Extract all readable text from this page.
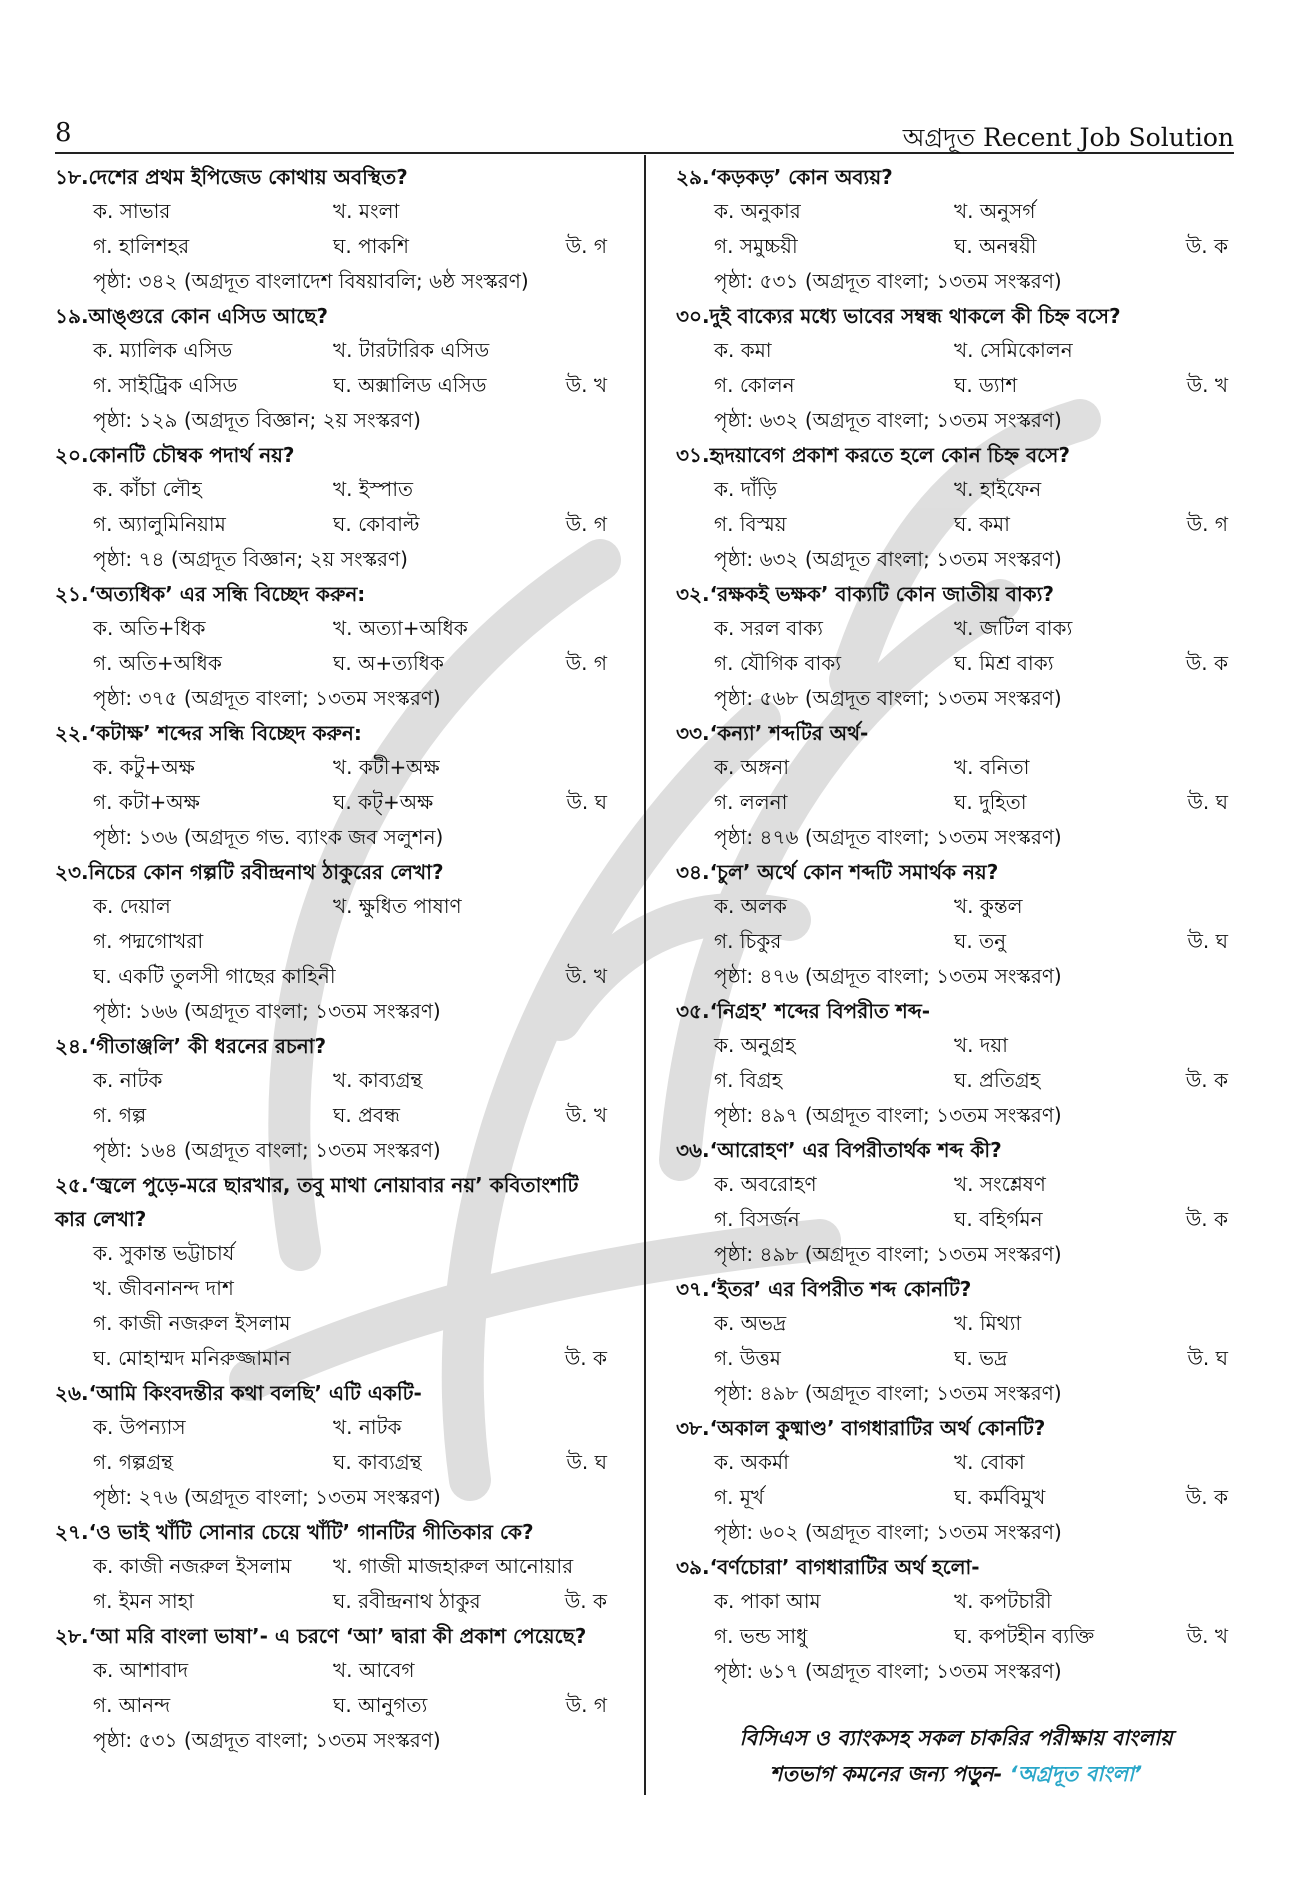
8	অগ্রদূত Recent Job Solution
১৮.দেশের প্রথম ইপিজেড কোথায় অবস্থিত?
ক. সাভার	খ. মংলা
গ. হালিশহর	ঘ. পাকশি	উ. গ
পৃষ্ঠা: ৩৪২ (অগ্রদূত বাংলাদেশ বিষয়াবলি; ৬ষ্ঠ সংস্করণ)
১৯.আঙ্গুরে কোন এসিড আছে?
ক. ম্যালিক এসিড	খ. টারটারিক এসিড
গ. সাইট্রিক এসিড	ঘ. অক্সালিড এসিড	উ. খ
পৃষ্ঠা: ১২৯ (অগ্রদূত বিজ্ঞান; ২য় সংস্করণ)
২০.কোনটি চৌম্বক পদার্থ নয়?
ক. কাঁচা লৌহ	খ. ইস্পাত
গ. অ্যালুমিনিয়াম	ঘ. কোবাল্ট	উ. গ
পৃষ্ঠা: ৭৪ (অগ্রদূত বিজ্ঞান; ২য় সংস্করণ)
২১.‘অত্যধিক’ এর সন্ধি বিচ্ছেদ করুন:
ক. অতি+ধিক	খ. অত্যা+অধিক
গ. অতি+অধিক	ঘ. অ+ত্যধিক	উ. গ
পৃষ্ঠা: ৩৭৫ (অগ্রদূত বাংলা; ১৩তম সংস্করণ)
২২.‘কটাক্ষ’ শব্দের সন্ধি বিচ্ছেদ করুন:
ক. কটু+অক্ষ	খ. কটী+অক্ষ
গ. কটা+অক্ষ	ঘ. কট্+অক্ষ	উ. ঘ
পৃষ্ঠা: ১৩৬ (অগ্রদূত গভ. ব্যাংক জব সলুশন)
২৩.নিচের কোন গল্পটি রবীন্দ্রনাথ ঠাকুরের লেখা?
ক. দেয়াল	খ. ক্ষুধিত পাষাণ
গ. পদ্মগোখরা
ঘ. একটি তুলসী গাছের কাহিনী	উ. খ
পৃষ্ঠা: ১৬৬ (অগ্রদূত বাংলা; ১৩তম সংস্করণ)
২৪.‘গীতাঞ্জলি’ কী ধরনের রচনা?
ক. নাটক	খ. কাব্যগ্রন্থ
গ. গল্প	ঘ. প্রবন্ধ	উ. খ
পৃষ্ঠা: ১৬৪ (অগ্রদূত বাংলা; ১৩তম সংস্করণ)
২৫.‘জ্বলে পুড়ে-মরে ছারখার, তবু মাথা নোয়াবার নয়’ কবিতাংশটি কার লেখা?
ক. সুকান্ত ভট্টাচার্য
খ. জীবনানন্দ দাশ
গ. কাজী নজরুল ইসলাম
ঘ. মোহাম্মদ মনিরুজ্জামান	উ. ক
২৬.‘আমি কিংবদন্তীর কথা বলছি’ এটি একটি-
ক. উপন্যাস	খ. নাটক
গ. গল্পগ্রন্থ	ঘ. কাব্যগ্রন্থ	উ. ঘ
পৃষ্ঠা: ২৭৬ (অগ্রদূত বাংলা; ১৩তম সংস্করণ)
২৭.‘ও ভাই খাঁটি সোনার চেয়ে খাঁটি’ গানটির গীতিকার কে?
ক. কাজী নজরুল ইসলাম খ. গাজী মাজহারুল আনোয়ার
গ. ইমন সাহা	ঘ. রবীন্দ্রনাথ ঠাকুর	উ. ক
২৮.‘আ মরি বাংলা ভাষা’- এ চরণে ‘আ’ দ্বারা কী প্রকাশ পেয়েছে?
ক. আশাবাদ	খ. আবেগ
গ. আনন্দ	ঘ. আনুগত্য	উ. গ
পৃষ্ঠা: ৫৩১ (অগ্রদূত বাংলা; ১৩তম সংস্করণ)
২৯.‘কড়কড়’ কোন অব্যয়?
ক. অনুকার	খ. অনুসর্গ
গ. সমুচ্চয়ী	ঘ. অনন্বয়ী	উ. ক
পৃষ্ঠা: ৫৩১ (অগ্রদূত বাংলা; ১৩তম সংস্করণ)
৩০.দুই বাক্যের মধ্যে ভাবের সম্বন্ধ থাকলে কী চিহ্ন বসে?
ক. কমা	খ. সেমিকোলন
গ. কোলন	ঘ. ড্যাশ	উ. খ
পৃষ্ঠা: ৬৩২ (অগ্রদূত বাংলা; ১৩তম সংস্করণ)
৩১.হৃদয়াবেগ প্রকাশ করতে হলে কোন চিহ্ন বসে?
ক. দাঁড়ি	খ. হাইফেন
গ. বিস্ময়	ঘ. কমা	উ. গ
পৃষ্ঠা: ৬৩২ (অগ্রদূত বাংলা; ১৩তম সংস্করণ)
৩২.‘রক্ষকই ভক্ষক’ বাক্যটি কোন জাতীয় বাক্য?
ক. সরল বাক্য	খ. জটিল বাক্য
গ. যৌগিক বাক্য	ঘ. মিশ্র বাক্য	উ. ক
পৃষ্ঠা: ৫৬৮ (অগ্রদূত বাংলা; ১৩তম সংস্করণ)
৩৩.‘কন্যা’ শব্দটির অর্থ-
ক. অঙ্গনা	খ. বনিতা
গ. ললনা	ঘ. দুহিতা	উ. ঘ
পৃষ্ঠা: ৪৭৬ (অগ্রদূত বাংলা; ১৩তম সংস্করণ)
৩৪.‘চুল’ অর্থে কোন শব্দটি সমার্থক নয়?
ক. অলক	খ. কুন্তল
গ. চিকুর	ঘ. তনু	উ. ঘ
পৃষ্ঠা: ৪৭৬ (অগ্রদূত বাংলা; ১৩তম সংস্করণ)
৩৫.‘নিগ্রহ’ শব্দের বিপরীত শব্দ-
ক. অনুগ্রহ	খ. দয়া
গ. বিগ্রহ	ঘ. প্রতিগ্রহ	উ. ক
পৃষ্ঠা: ৪৯৭ (অগ্রদূত বাংলা; ১৩তম সংস্করণ)
৩৬.‘আরোহণ’ এর বিপরীতার্থক শব্দ কী?
ক. অবরোহণ	খ. সংশ্লেষণ
গ. বিসর্জন	ঘ. বহির্গমন	উ. ক
পৃষ্ঠা: ৪৯৮ (অগ্রদূত বাংলা; ১৩তম সংস্করণ)
৩৭.‘ইতর’ এর বিপরীত শব্দ কোনটি?
ক. অভদ্র	খ. মিথ্যা
গ. উত্তম	ঘ. ভদ্র	উ. ঘ
পৃষ্ঠা: ৪৯৮ (অগ্রদূত বাংলা; ১৩তম সংস্করণ)
৩৮.‘অকাল কুষ্মাণ্ড’ বাগধারাটির অর্থ কোনটি?
ক. অকর্মা	খ. বোকা
গ. মূর্খ	ঘ. কর্মবিমুখ	উ. ক
পৃষ্ঠা: ৬০২ (অগ্রদূত বাংলা; ১৩তম সংস্করণ)
৩৯.‘বর্ণচোরা’ বাগধারাটির অর্থ হলো-
ক. পাকা আম	খ. কপটচারী
গ. ভন্ড সাধু	ঘ. কপটহীন ব্যক্তি	উ. খ
পৃষ্ঠা: ৬১৭ (অগ্রদূত বাংলা; ১৩তম সংস্করণ)
বিসিএস ও ব্যাংকসহ সকল চাকরির পরীক্ষায় বাংলায়
শতভাগ কমনের জন্য পড়ুন- ‘অগ্রদূত বাংলা’
